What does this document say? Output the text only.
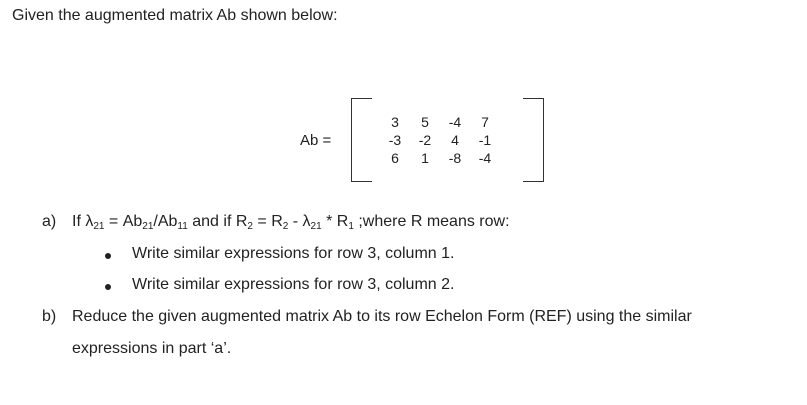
Given the augmented matrix Ab shown below:
Ab =
3	5	-4	7
-3	-2	4	-1
6	1	-8	-4
a) If $\lambda_{21} = Ab_{21}/Ab_{11}$ and if $R_2 = R_2 - \lambda_{21} * R_1$ ;where R means row:
Write similar expressions for row 3, column 1.
Write similar expressions for row 3, column 2.
b) Reduce the given augmented matrix Ab to its row Echelon Form (REF) using the similar
expressions in part ‘a’.
